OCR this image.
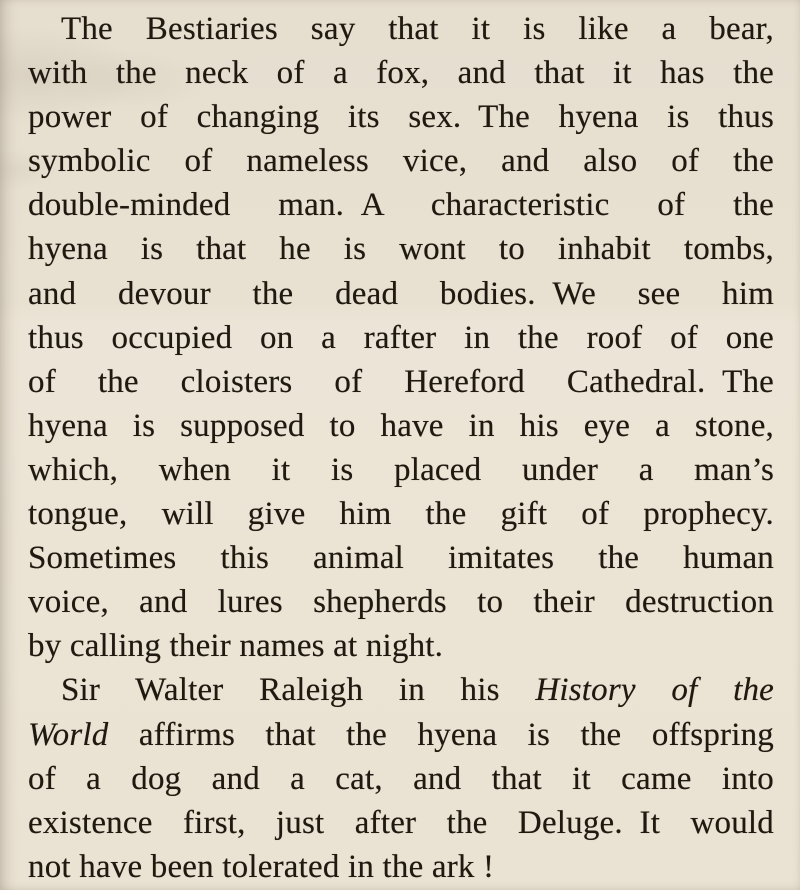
The Bestiaries say that it is like a bear,
with the neck of a fox, and that it has the
power of changing its sex. The hyena is thus
symbolic of nameless vice, and also of the
double-minded man. A characteristic of the
hyena is that he is wont to inhabit tombs,
and devour the dead bodies. We see him
thus occupied on a rafter in the roof of one
of the cloisters of Hereford Cathedral. The
hyena is supposed to have in his eye a stone,
which, when it is placed under a man’s
tongue, will give him the gift of prophecy.
Sometimes this animal imitates the human
voice, and lures shepherds to their destruction
by calling their names at night.
Sir Walter Raleigh in his History of the
World affirms that the hyena is the offspring
of a dog and a cat, and that it came into
existence first, just after the Deluge. It would
not have been tolerated in the ark !
